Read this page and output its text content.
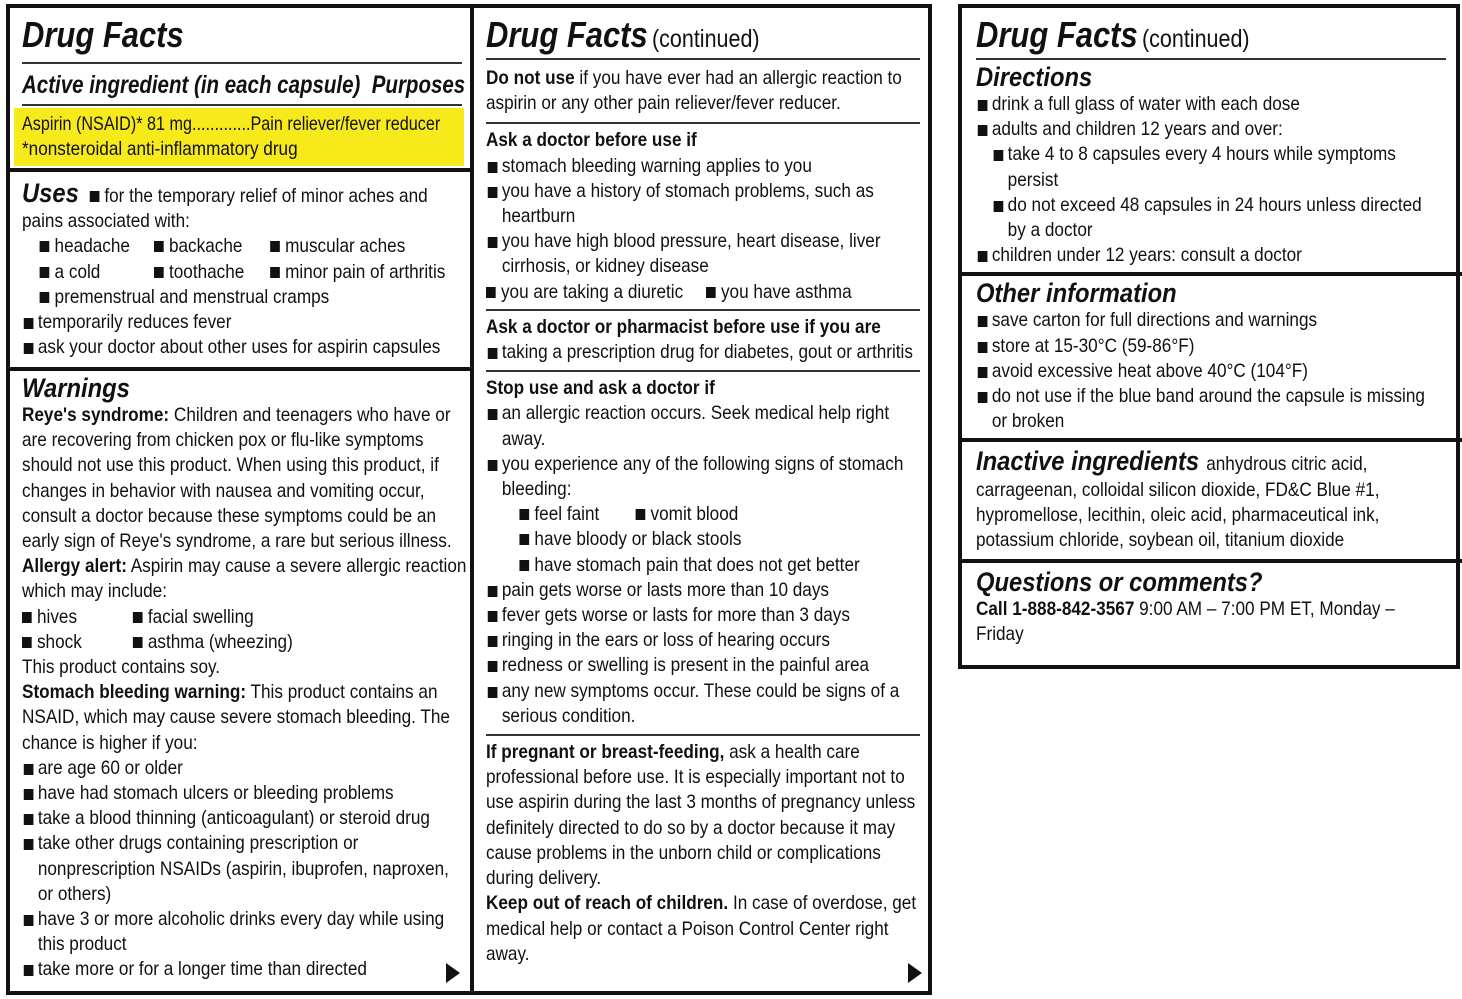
Drug Facts
Active ingredient (in each capsule) Purposes
Aspirin (NSAID)* 81 mg.............Pain reliever/fever reducer
*nonsteroidal anti-inflammatory drug
Uses for the temporary relief of minor aches and pains associated with:
headache	backache	muscular aches
a cold	toothache	minor pain of arthritis
premenstrual and menstrual cramps
temporarily reduces fever
ask your doctor about other uses for aspirin capsules
Warnings
Reye's syndrome: Children and teenagers who have or are recovering from chicken pox or flu-like symptoms should not use this product. When using this product, if changes in behavior with nausea and vomiting occur, consult a doctor because these symptoms could be an early sign of Reye's syndrome, a rare but serious illness.
Allergy alert: Aspirin may cause a severe allergic reaction which may include:
hives	facial swelling
shock	asthma (wheezing)
This product contains soy.
Stomach bleeding warning: This product contains an NSAID, which may cause severe stomach bleeding. The chance is higher if you:
are age 60 or older
have had stomach ulcers or bleeding problems
take a blood thinning (anticoagulant) or steroid drug
take other drugs containing prescription or nonprescription NSAIDs (aspirin, ibuprofen, naproxen, or others)
have 3 or more alcoholic drinks every day while using this product
take more or for a longer time than directed
Drug Facts (continued)
Do not use if you have ever had an allergic reaction to aspirin or any other pain reliever/fever reducer.
Ask a doctor before use if
stomach bleeding warning applies to you
you have a history of stomach problems, such as heartburn
you have high blood pressure, heart disease, liver cirrhosis, or kidney disease
you are taking a diuretic	you have asthma
Ask a doctor or pharmacist before use if you are
taking a prescription drug for diabetes, gout or arthritis
Stop use and ask a doctor if
an allergic reaction occurs. Seek medical help right away.
you experience any of the following signs of stomach bleeding:
feel faint	vomit blood
have bloody or black stools
have stomach pain that does not get better
pain gets worse or lasts more than 10 days
fever gets worse or lasts for more than 3 days
ringing in the ears or loss of hearing occurs
redness or swelling is present in the painful area
any new symptoms occur. These could be signs of a serious condition.
If pregnant or breast-feeding, ask a health care professional before use. It is especially important not to use aspirin during the last 3 months of pregnancy unless definitely directed to do so by a doctor because it may cause problems in the unborn child or complications during delivery.
Keep out of reach of children. In case of overdose, get medical help or contact a Poison Control Center right away.
Drug Facts (continued)
Directions
drink a full glass of water with each dose
adults and children 12 years and over:
take 4 to 8 capsules every 4 hours while symptoms persist
do not exceed 48 capsules in 24 hours unless directed by a doctor
children under 12 years: consult a doctor
Other information
save carton for full directions and warnings
store at 15-30°C (59-86°F)
avoid excessive heat above 40°C (104°F)
do not use if the blue band around the capsule is missing or broken
Inactive ingredients anhydrous citric acid, carrageenan, colloidal silicon dioxide, FD&C Blue #1, hypromellose, lecithin, oleic acid, pharmaceutical ink, potassium chloride, soybean oil, titanium dioxide
Questions or comments?
Call 1-888-842-3567 9:00 AM – 7:00 PM ET, Monday – Friday
